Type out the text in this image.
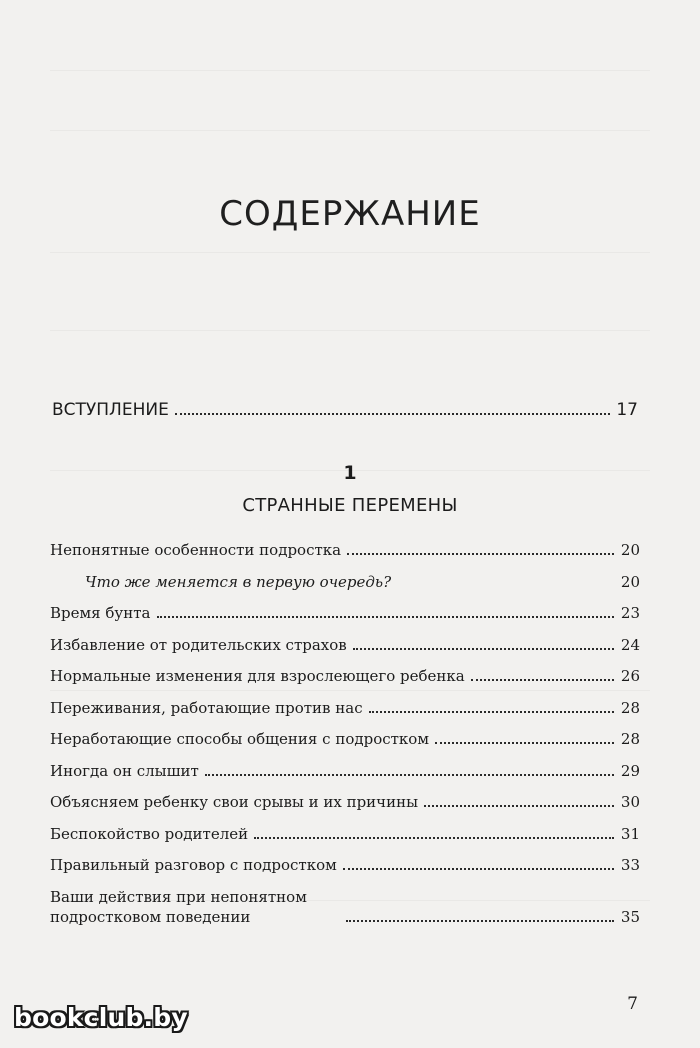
СОДЕРЖАНИЕ
ВСТУПЛЕНИЕ	17
1
СТРАННЫЕ ПЕРЕМЕНЫ
Непонятные особенности подростка	20
Что же меняется в первую очередь?	20
Время бунта	23
Избавление от родительских страхов	24
Нормальные изменения для взрослеющего ребенка	26
Переживания, работающие против нас	28
Неработающие способы общения с подростком	28
Иногда он слышит	29
Объясняем ребенку свои срывы и их причины	30
Беспокойство родителей	31
Правильный разговор с подростком	33
Ваши действия при непонятном подростковом поведении	35
7
bookclub.by
